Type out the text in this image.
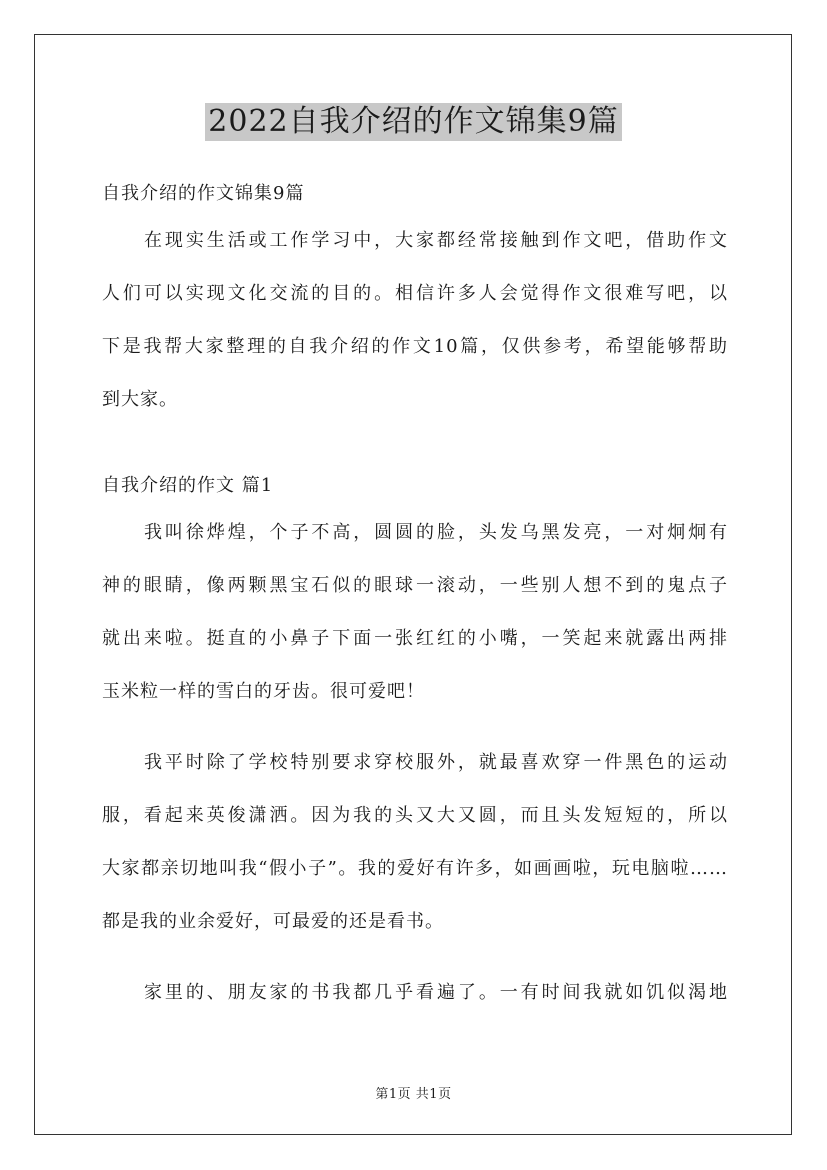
2022自我介绍的作文锦集9篇
自我介绍的作文锦集9篇
在现实生活或工作学习中，大家都经常接触到作文吧，借助作文
人们可以实现文化交流的目的。相信许多人会觉得作文很难写吧，以
下是我帮大家整理的自我介绍的作文10篇，仅供参考，希望能够帮助
到大家。
自我介绍的作文 篇1
我叫徐烨煌，个子不高，圆圆的脸，头发乌黑发亮，一对炯炯有
神的眼睛，像两颗黑宝石似的眼球一滚动，一些别人想不到的鬼点子
就出来啦。挺直的小鼻子下面一张红红的小嘴，一笑起来就露出两排
玉米粒一样的雪白的牙齿。很可爱吧！
我平时除了学校特别要求穿校服外，就最喜欢穿一件黑色的运动
服，看起来英俊潇洒。因为我的头又大又圆，而且头发短短的，所以
大家都亲切地叫我“假小子”。我的爱好有许多，如画画啦，玩电脑啦……
都是我的业余爱好，可最爱的还是看书。
家里的、朋友家的书我都几乎看遍了。一有时间我就如饥似渴地
第1页 共1页
